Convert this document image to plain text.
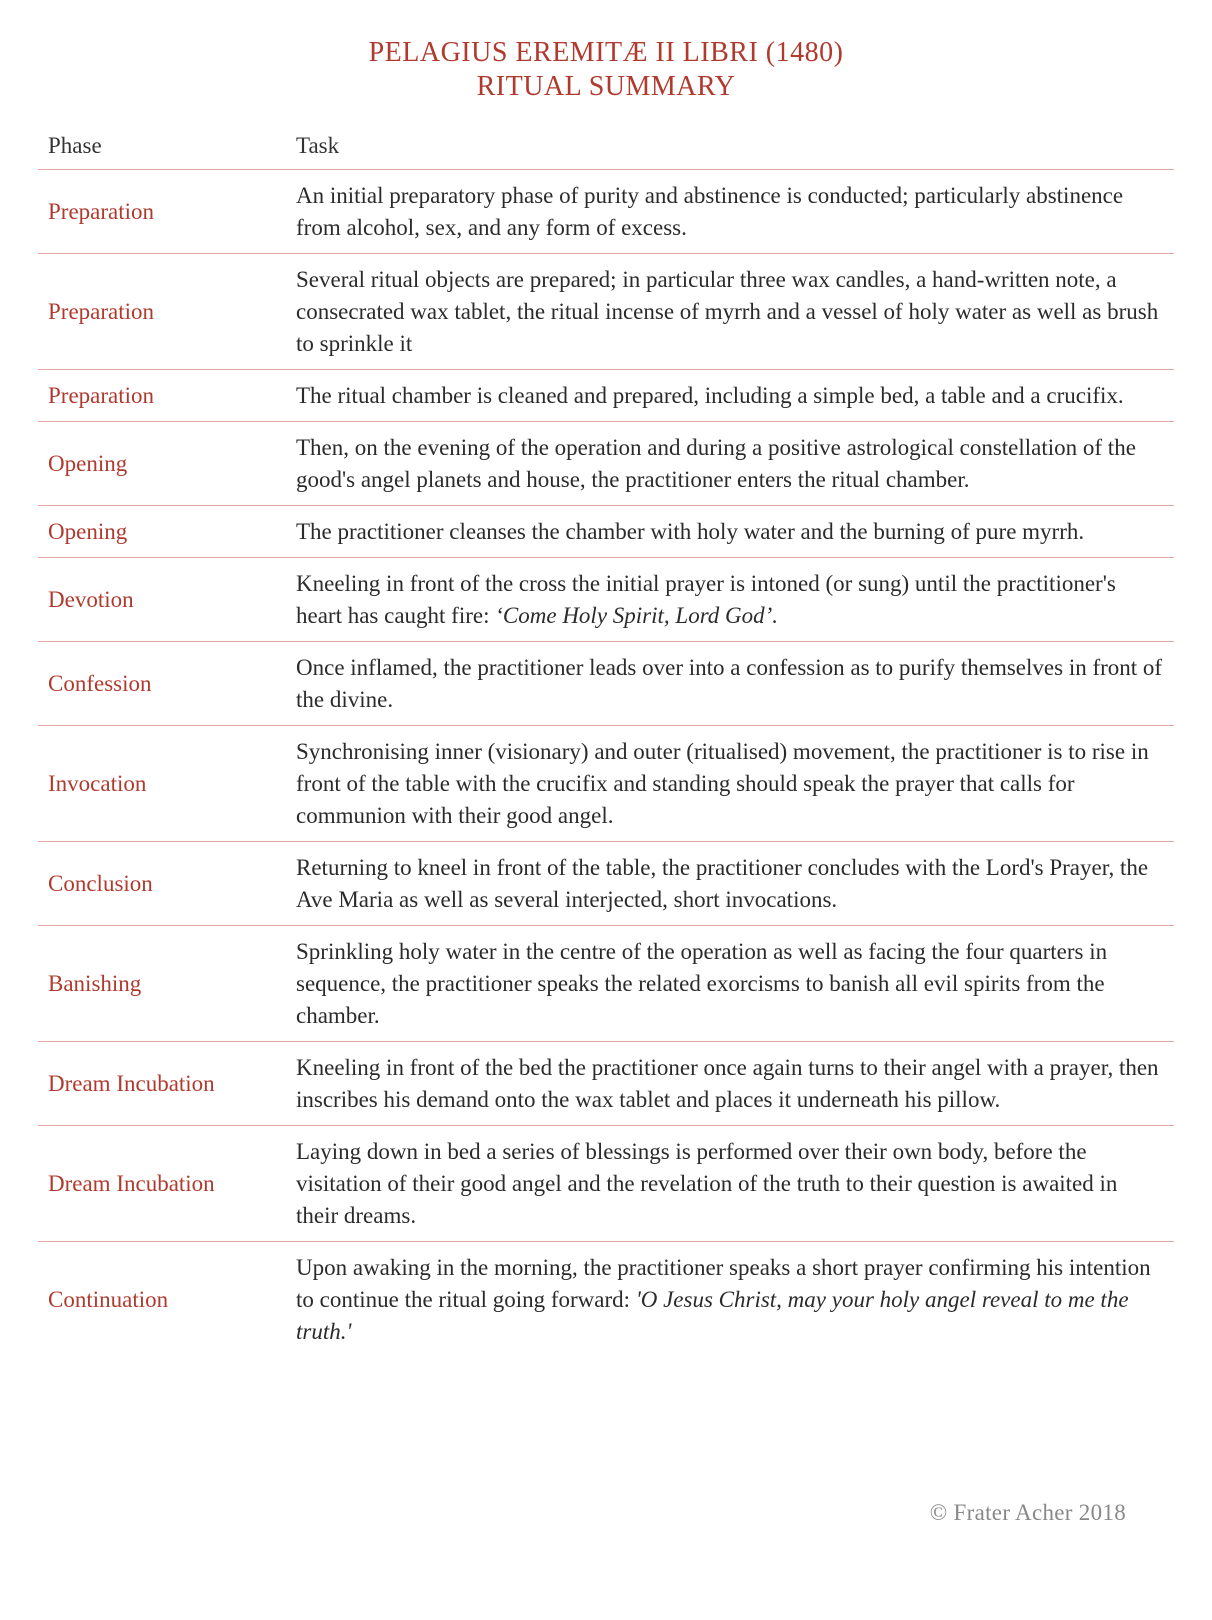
PELAGIUS EREMITÆ II LIBRI (1480)
RITUAL SUMMARY
Phase	Task
Preparation	An initial preparatory phase of purity and abstinence is conducted; particularly abstinence from alcohol, sex, and any form of excess.
Preparation	Several ritual objects are prepared; in particular three wax candles, a hand-written note, a consecrated wax tablet, the ritual incense of myrrh and a vessel of holy water as well as brush to sprinkle it
Preparation	The ritual chamber is cleaned and prepared, including a simple bed, a table and a crucifix.
Opening	Then, on the evening of the operation and during a positive astrological constellation of the good's angel planets and house, the practitioner enters the ritual chamber.
Opening	The practitioner cleanses the chamber with holy water and the burning of pure myrrh.
Devotion	Kneeling in front of the cross the initial prayer is intoned (or sung) until the practitioner's heart has caught fire: ‘Come Holy Spirit, Lord God’.
Confession	Once inflamed, the practitioner leads over into a confession as to purify themselves in front of the divine.
Invocation	Synchronising inner (visionary) and outer (ritualised) movement, the practitioner is to rise in front of the table with the crucifix and standing should speak the prayer that calls for communion with their good angel.
Conclusion	Returning to kneel in front of the table, the practitioner concludes with the Lord's Prayer, the Ave Maria as well as several interjected, short invocations.
Banishing	Sprinkling holy water in the centre of the operation as well as facing the four quarters in sequence, the practitioner speaks the related exorcisms to banish all evil spirits from the chamber.
Dream Incubation	Kneeling in front of the bed the practitioner once again turns to their angel with a prayer, then inscribes his demand onto the wax tablet and places it underneath his pillow.
Dream Incubation	Laying down in bed a series of blessings is performed over their own body, before the visitation of their good angel and the revelation of the truth to their question is awaited in their dreams.
Continuation	Upon awaking in the morning, the practitioner speaks a short prayer confirming his intention to continue the ritual going forward: 'O Jesus Christ, may your holy angel reveal to me the truth.'
© Frater Acher 2018
